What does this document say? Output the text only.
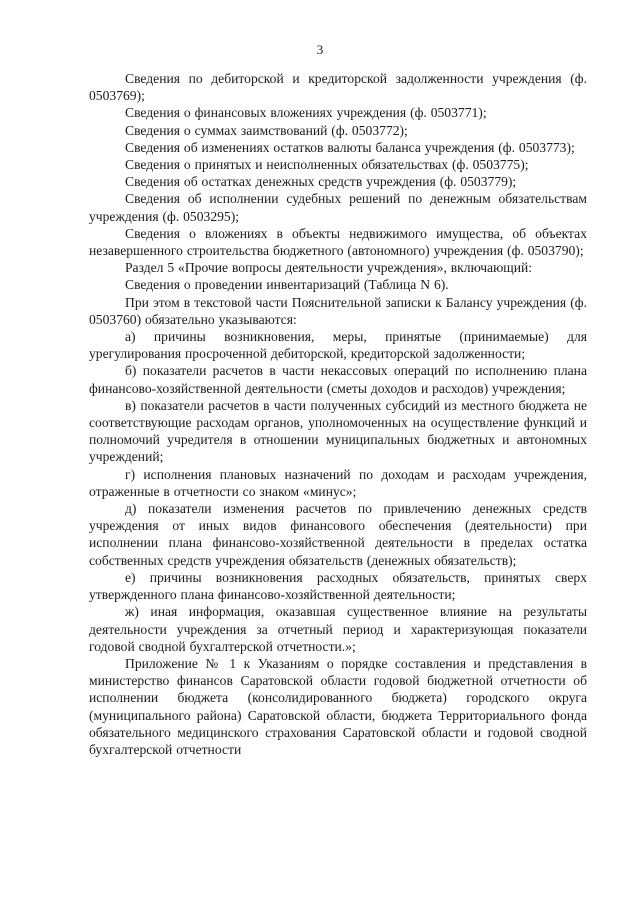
3

Сведения по дебиторской и кредиторской задолженности учреждения (ф. 0503769);

Сведения о финансовых вложениях учреждения (ф. 0503771);

Сведения о суммах заимствований (ф. 0503772);

Сведения об изменениях остатков валюты баланса учреждения (ф. 0503773);

Сведения о принятых и неисполненных обязательствах (ф. 0503775);

Сведения об остатках денежных средств учреждения (ф. 0503779);

Сведения об исполнении судебных решений по денежным обязательствам учреждения (ф. 0503295);

Сведения о вложениях в объекты недвижимого имущества, об объектах незавершенного строительства бюджетного (автономного) учреждения (ф. 0503790);

Раздел 5 «Прочие вопросы деятельности учреждения», включающий:

Сведения о проведении инвентаризаций (Таблица N 6).

При этом в текстовой части Пояснительной записки к Балансу учреждения (ф. 0503760) обязательно указываются:

а) причины возникновения, меры, принятые (принимаемые) для урегулирования просроченной дебиторской, кредиторской задолженности;

б) показатели расчетов в части некассовых операций по исполнению плана финансово-хозяйственной деятельности (сметы доходов и расходов) учреждения;

в) показатели расчетов в части полученных субсидий из местного бюджета не соответствующие расходам органов, уполномоченных на осуществление функций и полномочий учредителя в отношении муниципальных бюджетных и автономных учреждений;

г) исполнения плановых назначений по доходам и расходам учреждения, отраженные в отчетности со знаком «минус»;

д) показатели изменения расчетов по привлечению денежных средств учреждения от иных видов финансового обеспечения (деятельности) при исполнении плана финансово-хозяйственной деятельности в пределах остатка собственных средств учреждения обязательств (денежных обязательств);

е) причины возникновения расходных обязательств, принятых сверх утвержденного плана финансово-хозяйственной деятельности;

ж) иная информация, оказавшая существенное влияние на результаты деятельности учреждения за отчетный период и характеризующая показатели годовой сводной бухгалтерской отчетности.»;

Приложение № 1 к Указаниям о порядке составления и представления в министерство финансов Саратовской области годовой бюджетной отчетности об исполнении бюджета (консолидированного бюджета) городского округа (муниципального района) Саратовской области, бюджета Территориального фонда обязательного медицинского страхования Саратовской области и годовой сводной бухгалтерской отчетности
